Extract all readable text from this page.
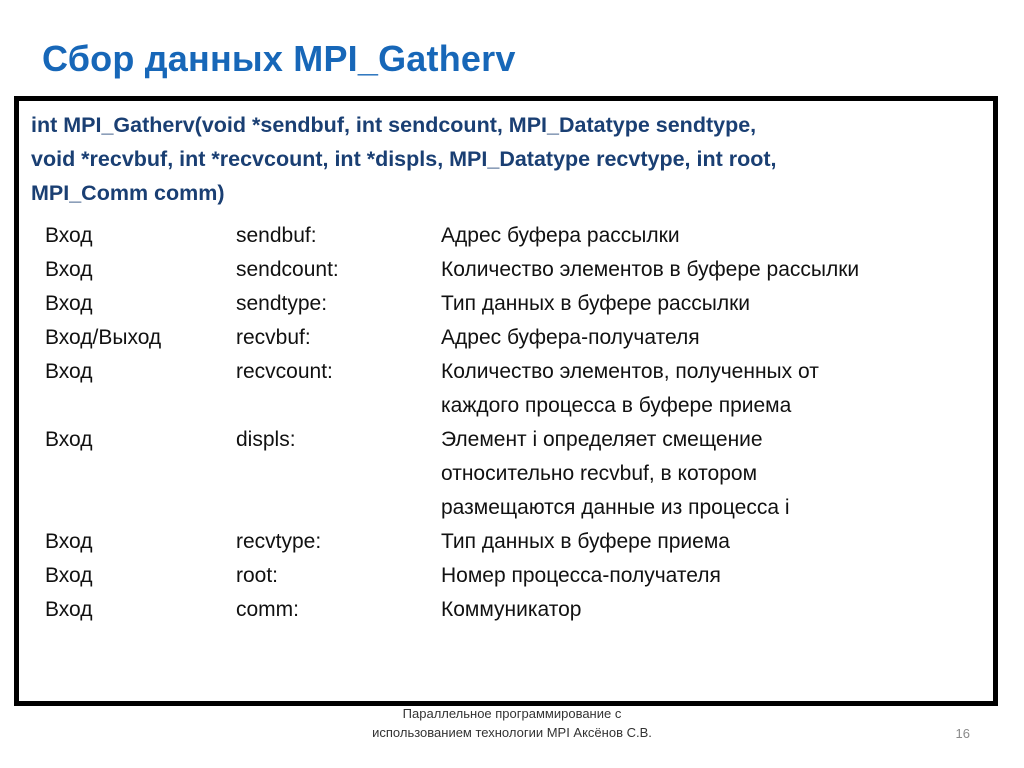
Сбор данных MPI_Gatherv
int MPI_Gatherv(void *sendbuf, int sendcount, MPI_Datatype sendtype,
void *recvbuf, int *recvcount, int *displs, MPI_Datatype recvtype, int root,
MPI_Comm comm)
Вход	sendbuf:	Адрес буфера рассылки
Вход	sendcount:	Количество элементов в буфере рассылки
Вход	sendtype:	Тип данных в буфере рассылки
Вход/Выход	recvbuf:	Адрес буфера-получателя
Вход	recvcount:	Количество элементов, полученных от каждого процесса в буфере приема
Вход	displs:	Элемент i определяет смещение относительно recvbuf, в котором размещаются данные из процесса i
Вход	recvtype:	Тип данных в буфере приема
Вход	root:	Номер процесса-получателя
Вход	comm:	Коммуникатор
Параллельное программирование с использованием технологии MPI Аксёнов С.В.	16
